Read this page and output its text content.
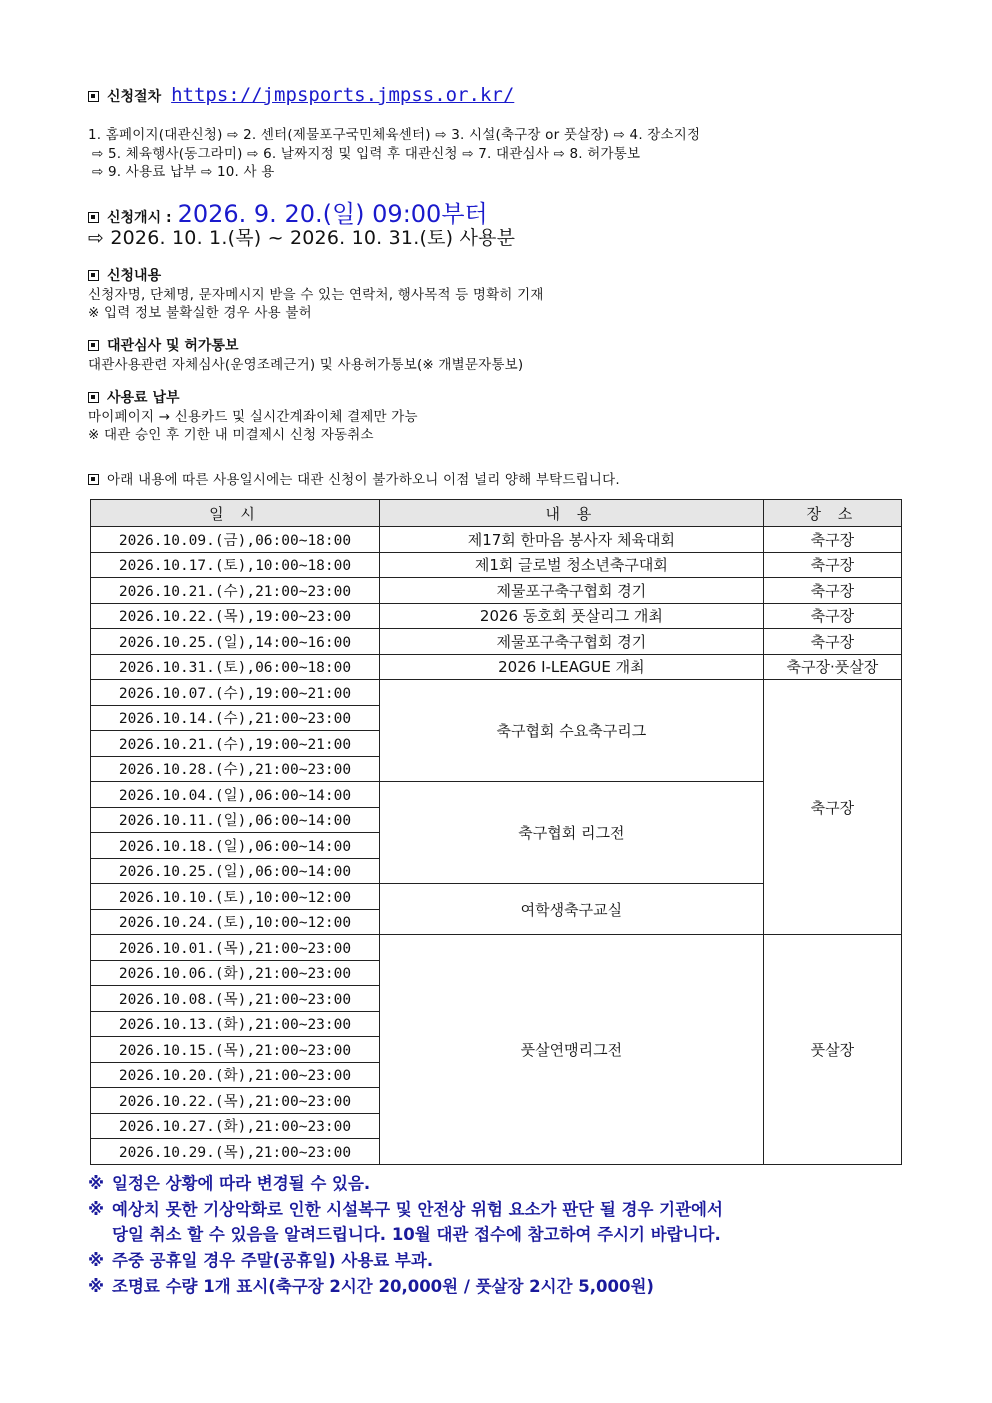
신청절차 https://jmpsports.jmpss.or.kr/
1. 홈페이지(대관신청) ⇨ 2. 센터(제물포구국민체육센터) ⇨ 3. 시설(축구장 or 풋살장) ⇨ 4. 장소지정
⇨ 5. 체육행사(동그라미) ⇨ 6. 날짜지정 및 입력 후 대관신청 ⇨ 7. 대관심사 ⇨ 8. 허가통보
⇨ 9. 사용료 납부 ⇨ 10. 사 용
신청개시 : 2026. 9. 20.(일) 09:00부터
⇨ 2026. 10. 1.(목) ~ 2026. 10. 31.(토) 사용분
신청내용
신청자명, 단체명, 문자메시지 받을 수 있는 연락처, 행사목적 등 명확히 기재
※ 입력 정보 불확실한 경우 사용 불허
대관심사 및 허가통보
대관사용관련 자체심사(운영조례근거) 및 사용허가통보(※ 개별문자통보)
사용료 납부
마이페이지 → 신용카드 및 실시간계좌이체 결제만 가능
※ 대관 승인 후 기한 내 미결제시 신청 자동취소
아래 내용에 따른 사용일시에는 대관 신청이 불가하오니 이점 널리 양해 부탁드립니다.
일 시	내 용	장 소
2026.10.09.(금),06:00~18:00	제17회 한마음 봉사자 체육대회	축구장
2026.10.17.(토),10:00~18:00	제1회 글로벌 청소년축구대회	축구장
2026.10.21.(수),21:00~23:00	제물포구축구협회 경기	축구장
2026.10.22.(목),19:00~23:00	2026 동호회 풋살리그 개최	축구장
2026.10.25.(일),14:00~16:00	제물포구축구협회 경기	축구장
2026.10.31.(토),06:00~18:00	2026 I-LEAGUE 개최	축구장·풋살장
2026.10.07.(수),19:00~21:00	축구협회 수요축구리그	축구장
2026.10.14.(수),21:00~23:00		
2026.10.21.(수),19:00~21:00		
2026.10.28.(수),21:00~23:00		
2026.10.04.(일),06:00~14:00	축구협회 리그전	
2026.10.11.(일),06:00~14:00		
2026.10.18.(일),06:00~14:00		
2026.10.25.(일),06:00~14:00		
2026.10.10.(토),10:00~12:00	여학생축구교실	
2026.10.24.(토),10:00~12:00		
2026.10.01.(목),21:00~23:00	풋살연맹리그전	풋살장
2026.10.06.(화),21:00~23:00		
2026.10.08.(목),21:00~23:00		
2026.10.13.(화),21:00~23:00		
2026.10.15.(목),21:00~23:00		
2026.10.20.(화),21:00~23:00		
2026.10.22.(목),21:00~23:00		
2026.10.27.(화),21:00~23:00		
2026.10.29.(목),21:00~23:00		
※ 일정은 상황에 따라 변경될 수 있음.
※ 예상치 못한 기상악화로 인한 시설복구 및 안전상 위험 요소가 판단 될 경우 기관에서
당일 취소 할 수 있음을 알려드립니다. 10월 대관 접수에 참고하여 주시기 바랍니다.
※ 주중 공휴일 경우 주말(공휴일) 사용료 부과.
※ 조명료 수량 1개 표시(축구장 2시간 20,000원 / 풋살장 2시간 5,000원)
